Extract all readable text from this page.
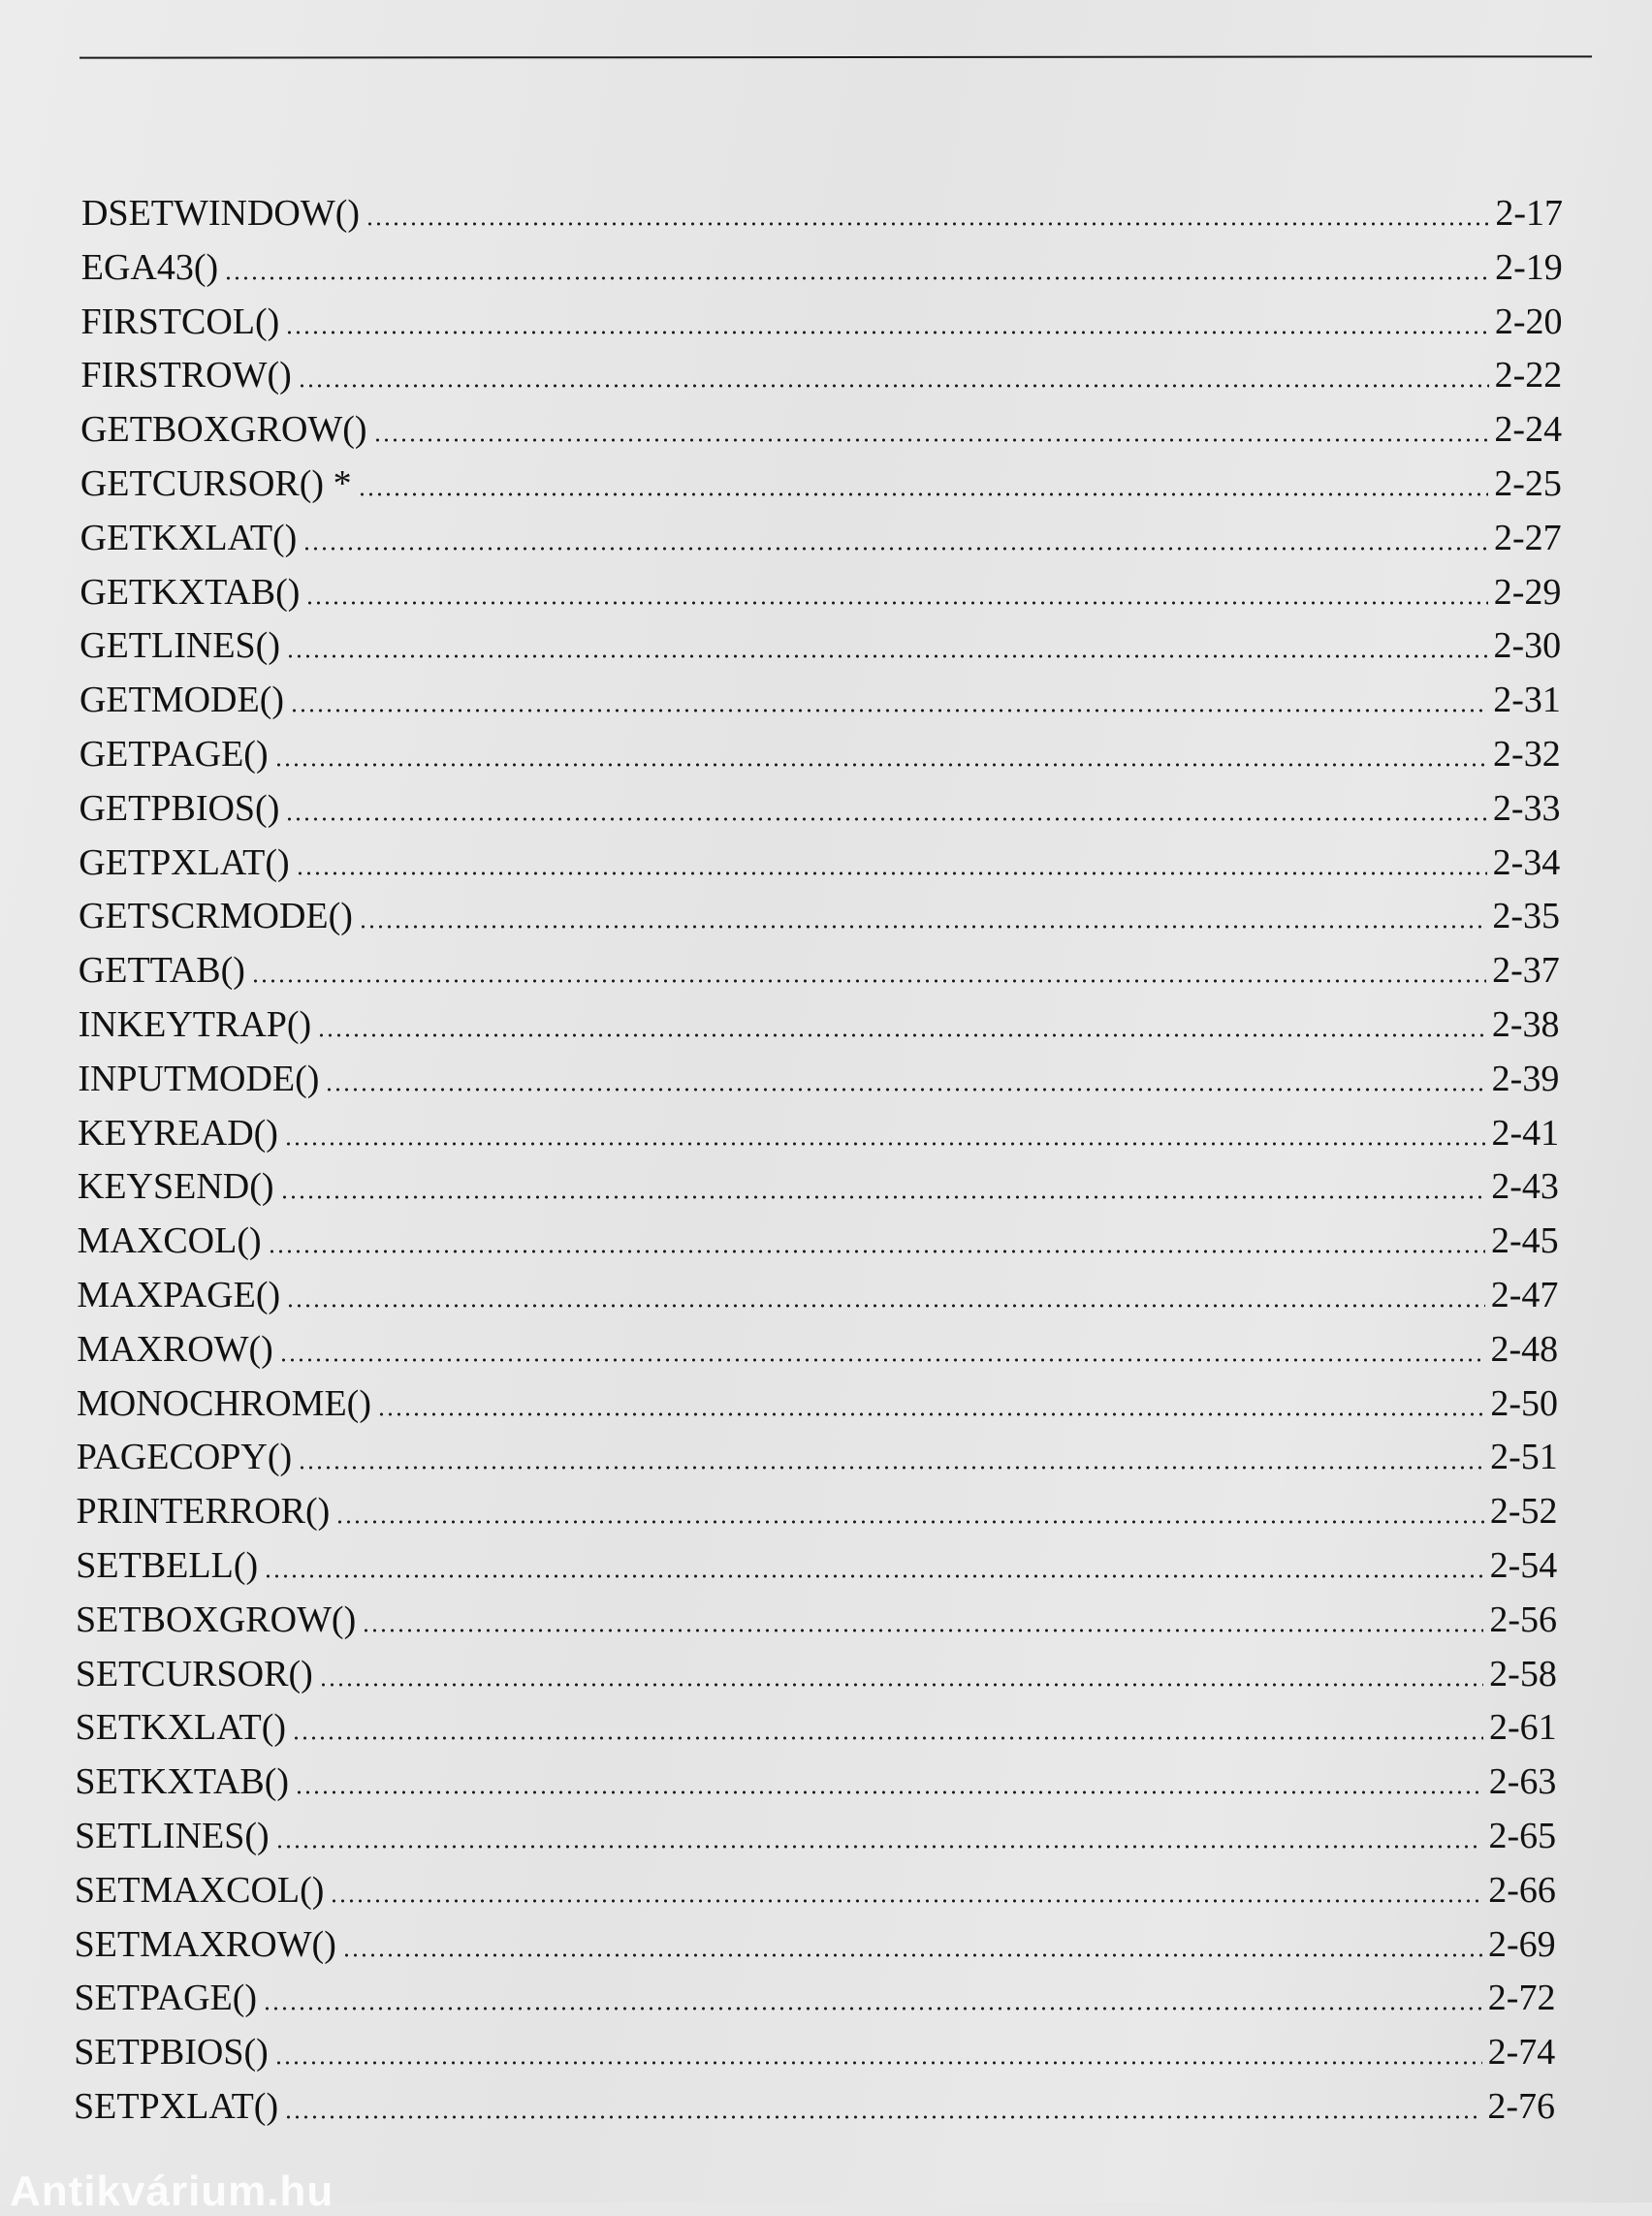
DSETWINDOW()	2-17
EGA43()	2-19
FIRSTCOL()	2-20
FIRSTROW()	2-22
GETBOXGROW()	2-24
GETCURSOR() *	2-25
GETKXLAT()	2-27
GETKXTAB()	2-29
GETLINES()	2-30
GETMODE()	2-31
GETPAGE()	2-32
GETPBIOS()	2-33
GETPXLAT()	2-34
GETSCRMODE()	2-35
GETTAB()	2-37
INKEYTRAP()	2-38
INPUTMODE()	2-39
KEYREAD()	2-41
KEYSEND()	2-43
MAXCOL()	2-45
MAXPAGE()	2-47
MAXROW()	2-48
MONOCHROME()	2-50
PAGECOPY()	2-51
PRINTERROR()	2-52
SETBELL()	2-54
SETBOXGROW()	2-56
SETCURSOR()	2-58
SETKXLAT()	2-61
SETKXTAB()	2-63
SETLINES()	2-65
SETMAXCOL()	2-66
SETMAXROW()	2-69
SETPAGE()	2-72
SETPBIOS()	2-74
SETPXLAT()	2-76
Antikvárium.hu
